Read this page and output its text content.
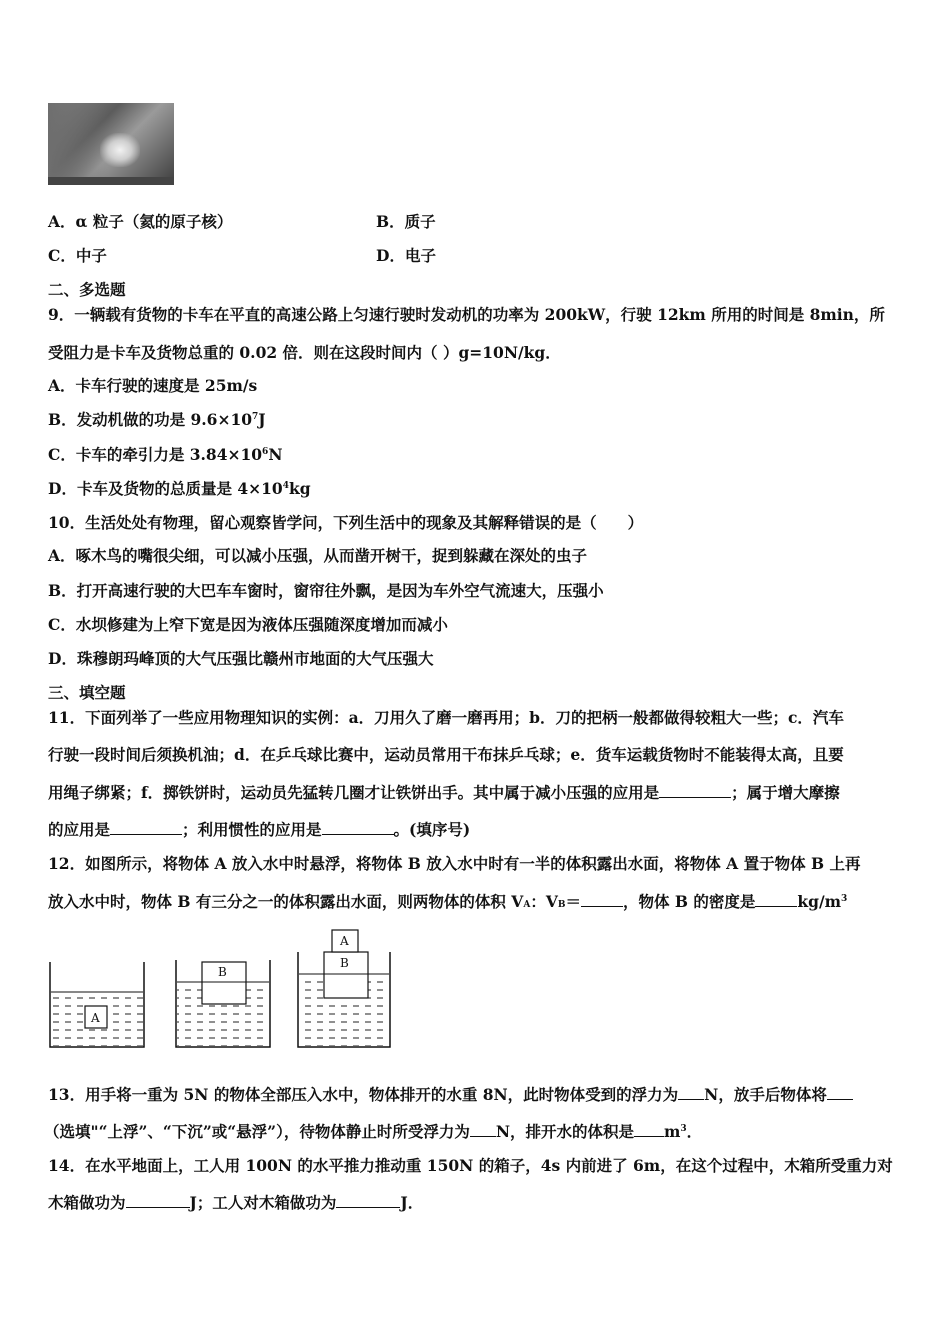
A．α 粒子（氦的原子核）	B．质子
C．中子	D．电子
二、多选题
9．一辆载有货物的卡车在平直的高速公路上匀速行驶时发动机的功率为 200kW，行驶 12km 所用的时间是 8min，所
受阻力是卡车及货物总重的 0.02 倍．则在这段时间内（ ）g=10N/kg．
A．卡车行驶的速度是 25m/s
B．发动机做的功是 $9.6\times 10^7J$
C．卡车的牵引力是 $3.84\times 10^6N$
D．卡车及货物的总质量是 $4\times 10^4kg$
10．生活处处有物理，留心观察皆学问，下列生活中的现象及其解释错误的是（　　）
A．啄木鸟的嘴很尖细，可以减小压强，从而凿开树干，捉到躲藏在深处的虫子
B．打开高速行驶的大巴车车窗时，窗帘往外飘，是因为车外空气流速大，压强小
C．水坝修建为上窄下宽是因为液体压强随深度增加而减小
D．珠穆朗玛峰顶的大气压强比赣州市地面的大气压强大
三、填空题
11．下面列举了一些应用物理知识的实例：a．刀用久了磨一磨再用；b．刀的把柄一般都做得较粗大一些；c．汽车
行驶一段时间后须换机油；d．在乒乓球比赛中，运动员常用干布抹乒乓球；e．货车运载货物时不能装得太高，且要
用绳子绑紧；f．掷铁饼时，运动员先猛转几圈才让铁饼出手。其中属于减小压强的应用是	；属于增大摩擦
的应用是	；利用惯性的应用是	。(填序号)
12．如图所示，将物体 A 放入水中时悬浮，将物体 B 放入水中时有一半的体积露出水面，将物体 A 置于物体 B 上再
放入水中时，物体 B 有三分之一的体积露出水面，则两物体的体积 VA：VB＝	，物体 B 的密度是	$kg/m^3$
A
B
A
B
13．用手将一重为 5N 的物体全部压入水中，物体排开的水重 8N，此时物体受到的浮力为 N，放手后物体将
（选填"“上浮”、“下沉”或“悬浮”），待物体静止时所受浮力为 N，排开水的体积是 $m^3$．
14．在水平地面上，工人用 100N 的水平推力推动重 150N 的箱子，4s 内前进了 6m，在这个过程中，木箱所受重力对
木箱做功为	J；工人对木箱做功为	J．
